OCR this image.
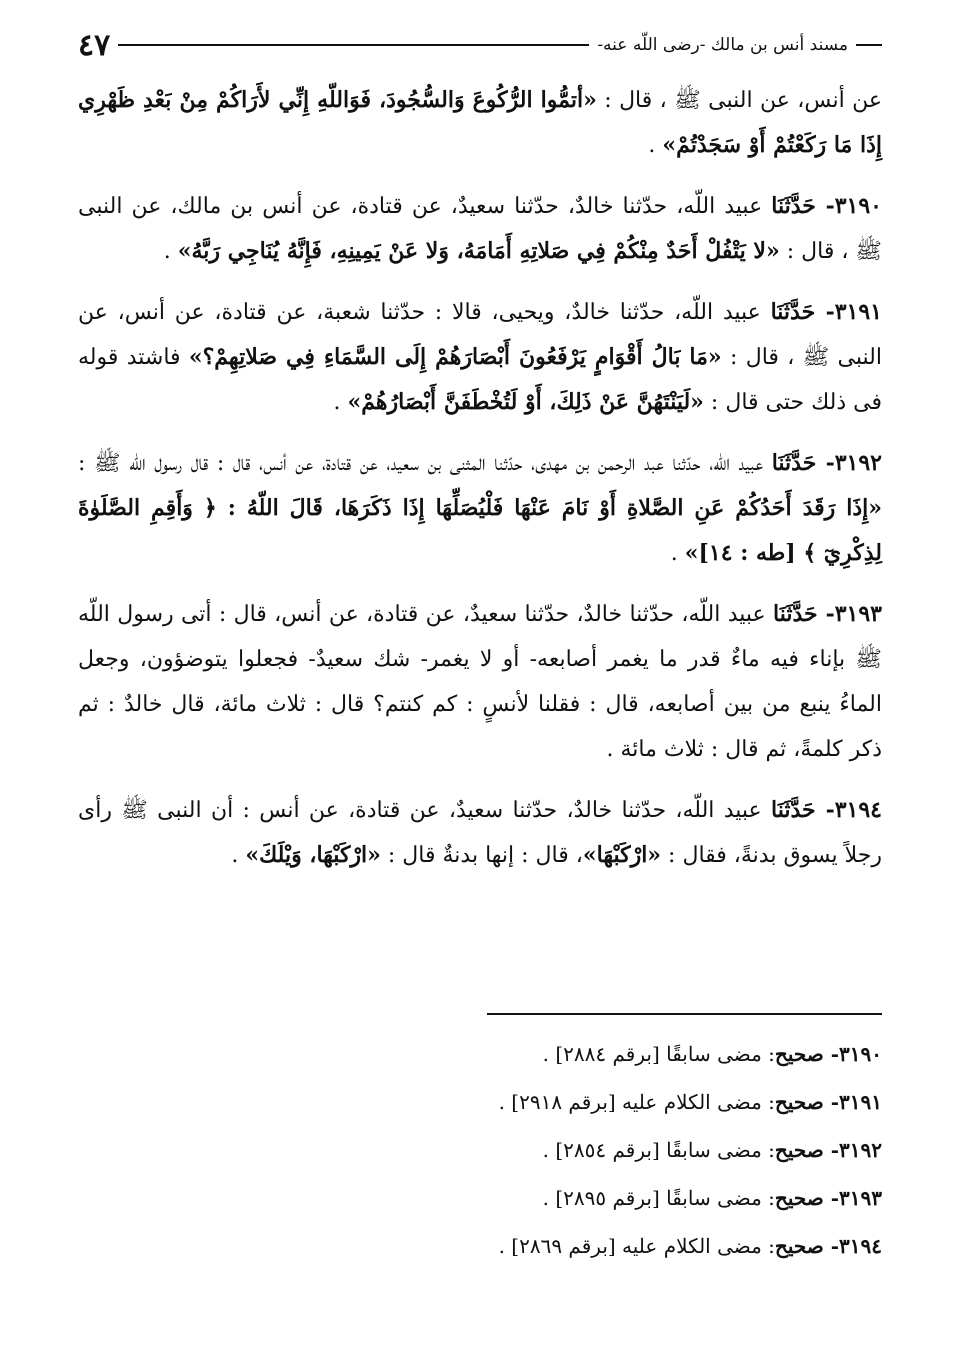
مسند أنس بن مالك -رضى اللّه عنه-
٤٧

عن أنس، عن النبى ﷺ ، قال : «أتمُّوا الرُّكُوعَ وَالسُّجُودَ، فَوَاللّهِ إِنِّي لأَرَاكُمْ مِنْ بَعْدِ ظَهْرِي إِذَا مَا رَكَعْتُمْ أَوْ سَجَدْتُمْ» .

٣١٩٠- حَدَّثَنَا عبيد اللّه، حدّثنا خالدٌ، حدّثنا سعيدٌ، عن قتادة، عن أنس بن مالك، عن النبى ﷺ ، قال : «لا يَتْفُلْ أَحَدٌ مِنْكُمْ فِي صَلاتِهِ أَمَامَهُ، وَلا عَنْ يَمِينِهِ، فَإِنَّهُ يُنَاجِي رَبَّهُ» .

٣١٩١- حَدَّثَنَا عبيد اللّه، حدّثنا خالدٌ، ويحيى، قالا : حدّثنا شعبة، عن قتادة، عن أنس، عن النبى ﷺ ، قال : «مَا بَالُ أَقْوَامٍ يَرْفَعُونَ أَبْصَارَهُمْ إِلَى السَّمَاءِ فِي صَلاتِهِمْ؟» فاشتد قوله فى ذلك حتى قال : «لَيَنْتَهُنَّ عَنْ ذَلِكَ، أَوْ لَتُخْطَفَنَّ أَبْصَارُهُمْ» .

٣١٩٢- حَدَّثَنَا عبيد اللّه، حدّثنا عبد الرحمن بن مهدى، حدّثنا المثنى بن سعيد، عن قتادة، عن أنس، قال : قال رسول اللّه ﷺ : «إِذَا رَقَدَ أَحَدُكُمْ عَنِ الصَّلاةِ أَوْ نَامَ عَنْهَا فَلْيُصَلِّهَا إِذَا ذَكَرَهَا، قَالَ اللّهُ : ﴿ وَأَقِمِ الصَّلَوٰةَ لِذِكْرِيٓ ﴾ [طه : ١٤]» .

٣١٩٣- حَدَّثَنَا عبيد اللّه، حدّثنا خالدٌ، حدّثنا سعيدٌ، عن قتادة، عن أنس، قال : أتى رسول اللّه ﷺ بإناء فيه ماءٌ قدر ما يغمر أصابعه- أو لا يغمر- شك سعيدٌ- فجعلوا يتوضؤون، وجعل الماءُ ينبع من بين أصابعه، قال : فقلنا لأنسٍ : كم كنتم؟ قال : ثلاث مائة، قال خالدٌ : ثم ذكر كلمةً، ثم قال : ثلاث مائة .

٣١٩٤- حَدَّثَنَا عبيد اللّه، حدّثنا خالدٌ، حدّثنا سعيدٌ، عن قتادة، عن أنس : أن النبى ﷺ رأى رجلاً يسوق بدنةً، فقال : «ارْكَبْهَا»، قال : إنها بدنةٌ قال : «ارْكَبْهَا، وَيْلَكَ» .

٣١٩٠- صحيح: مضى سابقًا [برقم ٢٨٨٤] .
٣١٩١- صحيح: مضى الكلام عليه [برقم ٢٩١٨] .
٣١٩٢- صحيح: مضى سابقًا [برقم ٢٨٥٤] .
٣١٩٣- صحيح: مضى سابقًا [برقم ٢٨٩٥] .
٣١٩٤- صحيح: مضى الكلام عليه [برقم ٢٨٦٩] .
